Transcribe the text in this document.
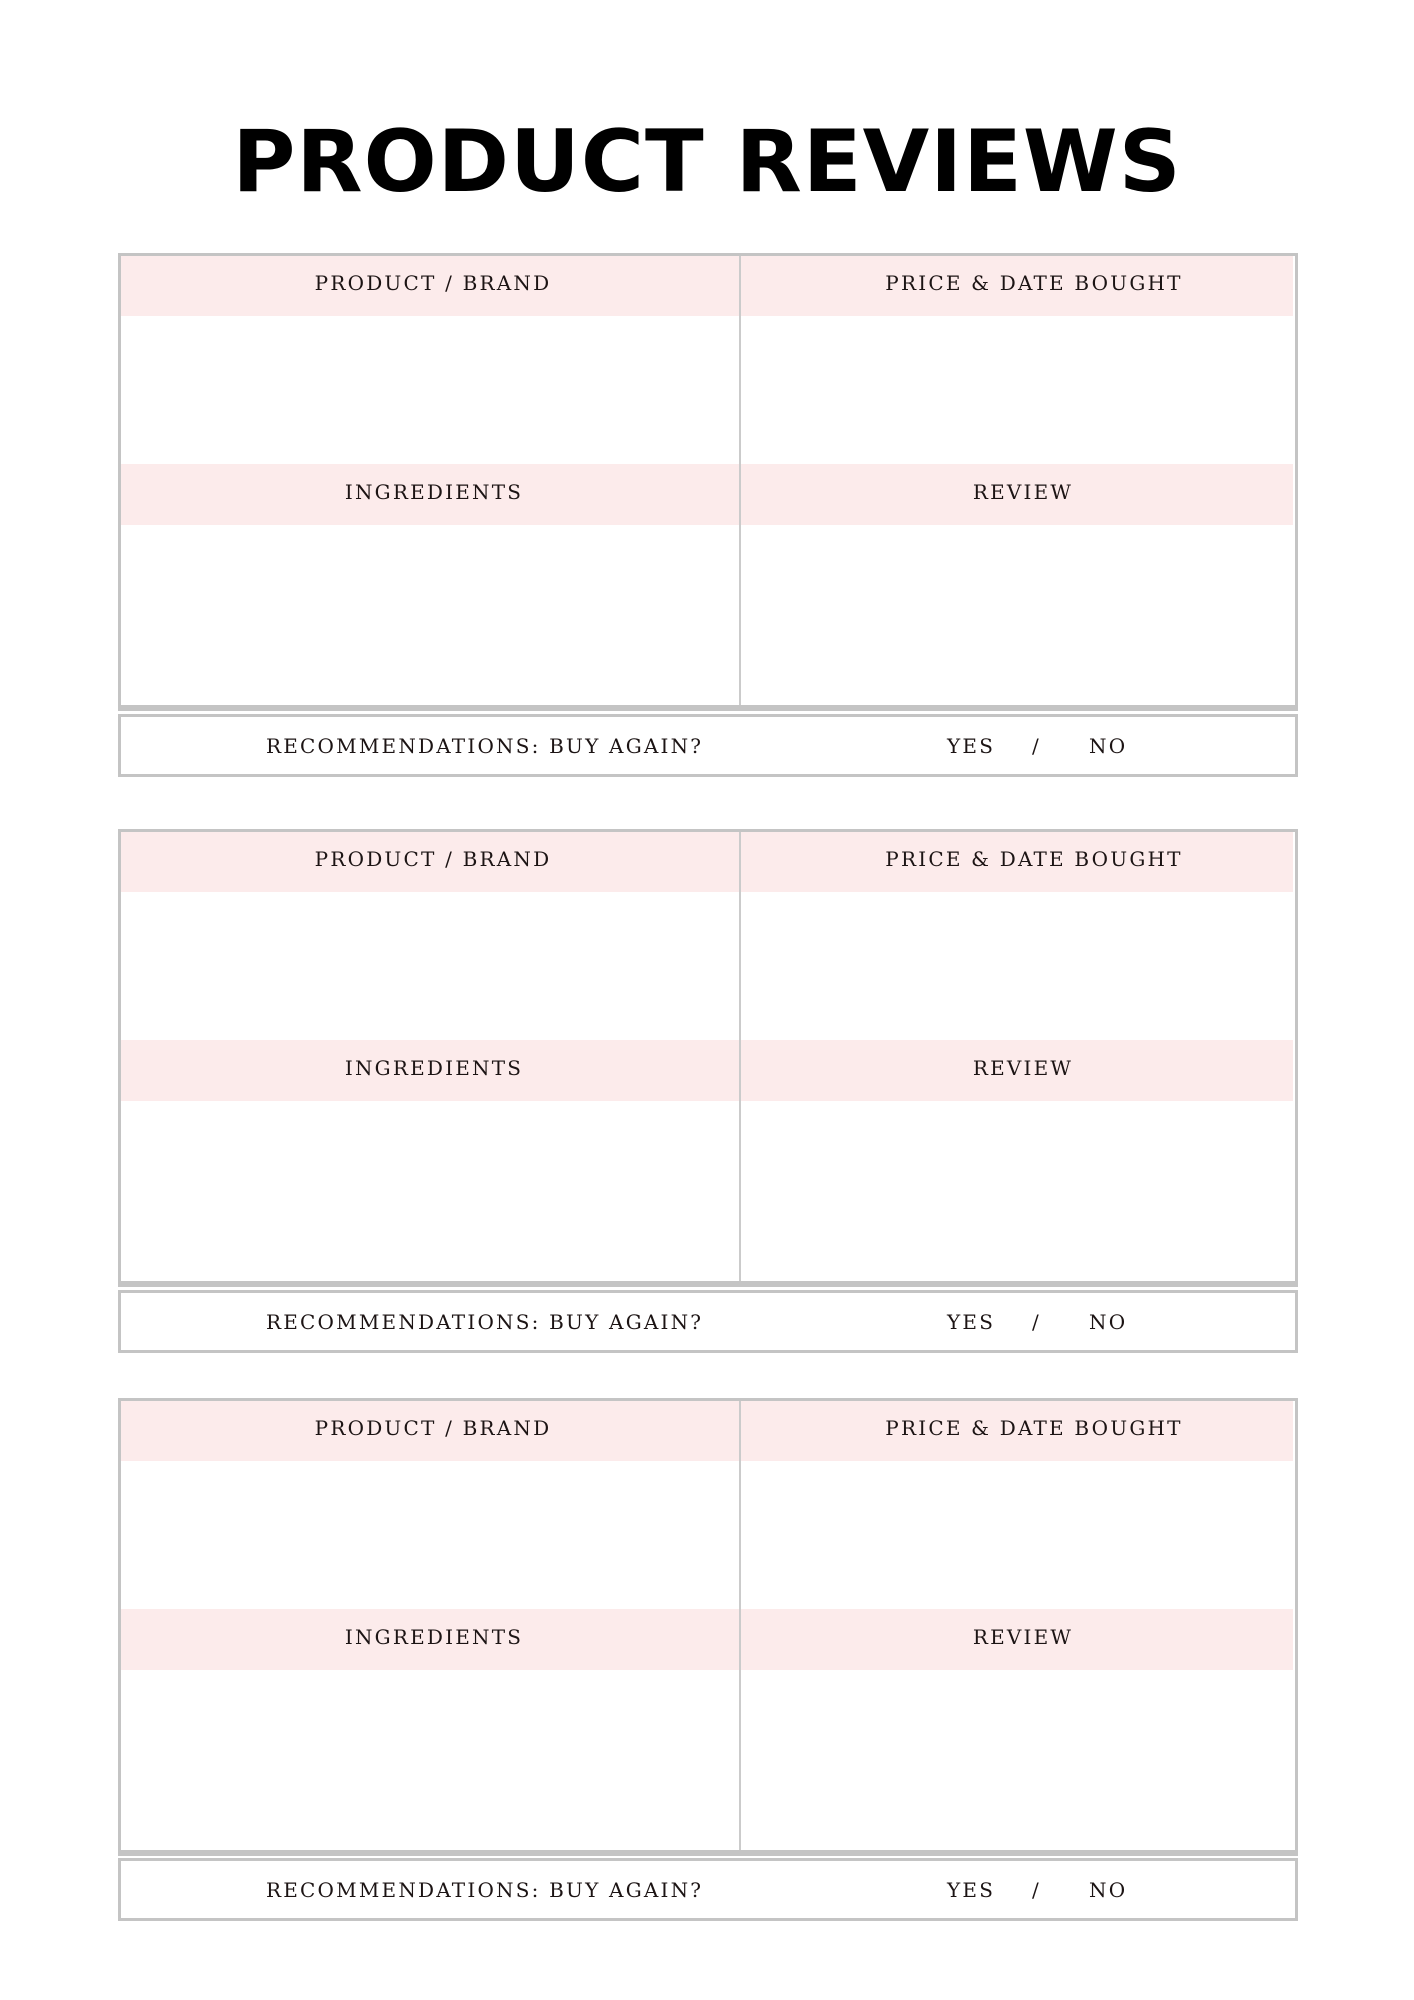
PRODUCT REVIEWS
PRODUCT / BRAND	PRICE & DATE BOUGHT
INGREDIENTS	REVIEW
RECOMMENDATIONS: BUY AGAIN?	YES /	NO
PRODUCT / BRAND	PRICE & DATE BOUGHT
INGREDIENTS	REVIEW
RECOMMENDATIONS: BUY AGAIN?	YES /	NO
PRODUCT / BRAND	PRICE & DATE BOUGHT
INGREDIENTS	REVIEW
RECOMMENDATIONS: BUY AGAIN?	YES /	NO
